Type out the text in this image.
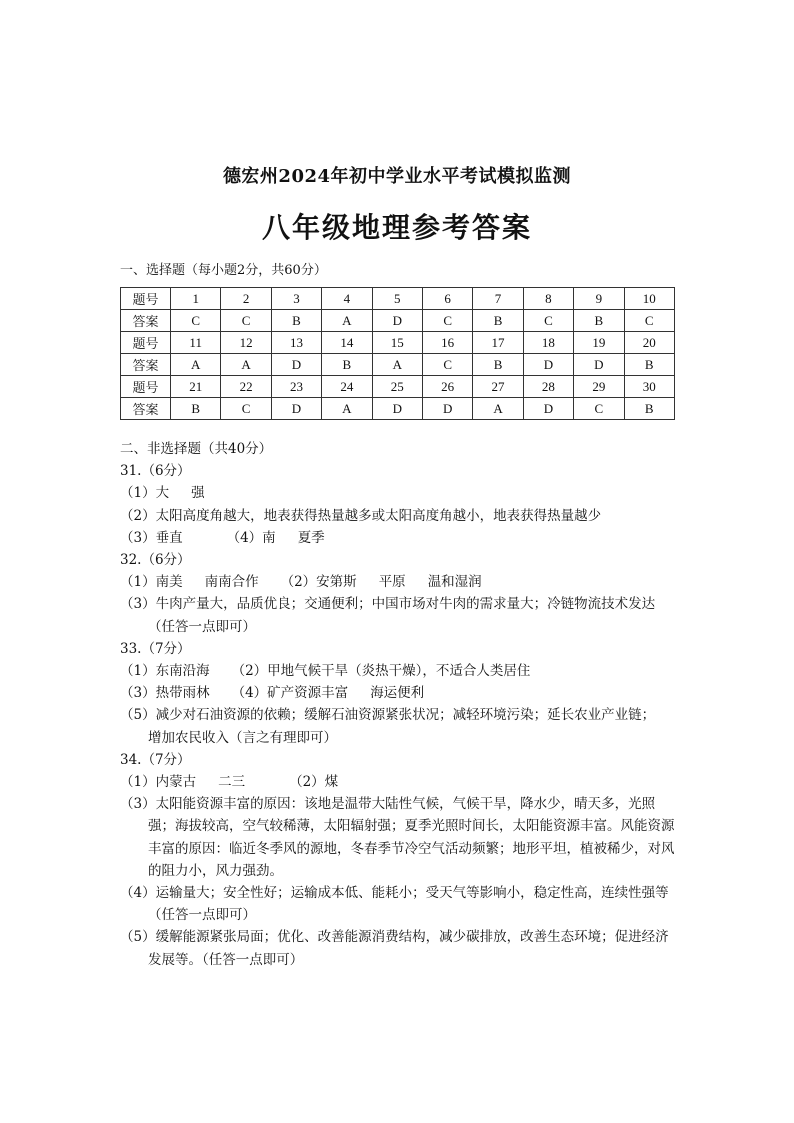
德宏州2024年初中学业水平考试模拟监测
八年级地理参考答案
一、选择题（每小题2分，共60分）
题号	1	2	3	4	5	6	7	8	9	10
答案	C	C	B	A	D	C	B	C	B	C
题号	11	12	13	14	15	16	17	18	19	20
答案	A	A	D	B	A	C	B	D	D	B
题号	21	22	23	24	25	26	27	28	29	30
答案	B	C	D	A	D	D	A	D	C	B
二、非选择题（共40分）
31.（6分）
（1）大 强
（2）太阳高度角越大，地表获得热量越多或太阳高度角越小，地表获得热量越少
（3）垂直	（4）南 夏季
32.（6分）
（1）南美 南南合作 （2）安第斯 平原 温和湿润
（3）牛肉产量大，品质优良；交通便利；中国市场对牛肉的需求量大；冷链物流技术发达
（任答一点即可）
33.（7分）
（1）东南沿海 （2）甲地气候干旱（炎热干燥），不适合人类居住
（3）热带雨林 （4）矿产资源丰富 海运便利
（5）减少对石油资源的依赖；缓解石油资源紧张状况；减轻环境污染；延长农业产业链；
增加农民收入（言之有理即可）
34.（7分）
（1）内蒙古 二三	（2）煤
（3）太阳能资源丰富的原因：该地是温带大陆性气候，气候干旱，降水少，晴天多，光照强；海拔较高，空气较稀薄，太阳辐射强；夏季光照时间长，太阳能资源丰富。风能资源丰富的原因：临近冬季风的源地，冬春季节冷空气活动频繁；地形平坦，植被稀少，对风的阻力小，风力强劲。
（4）运输量大；安全性好；运输成本低、能耗小；受天气等影响小，稳定性高，连续性强等（任答一点即可）
（5）缓解能源紧张局面；优化、改善能源消费结构，减少碳排放，改善生态环境；促进经济发展等。（任答一点即可）
